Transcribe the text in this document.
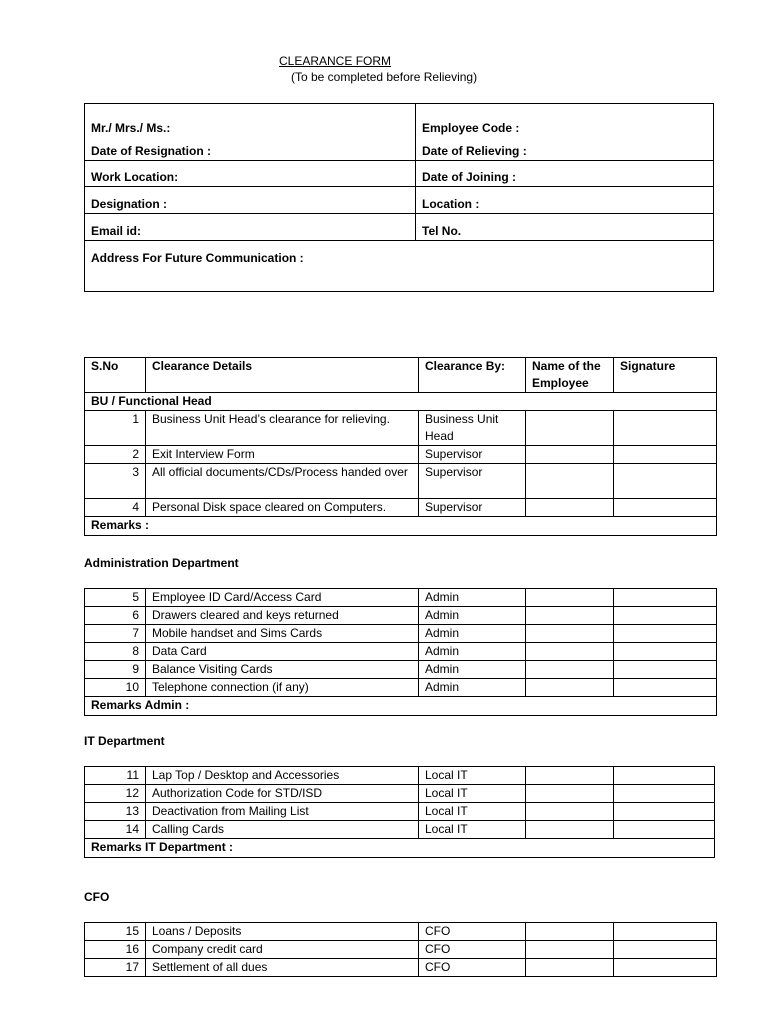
CLEARANCE FORM
(To be completed before Relieving)
Mr./ Mrs./ Ms.:	Employee Code :
Date of Resignation :	Date of Relieving :
Work Location:	Date of Joining :
Designation :	Location :
Email id:	Tel No.
Address For Future Communication :	
S.No	Clearance Details	Clearance By:	Name of the Employee	Signature
BU / Functional Head				
1	Business Unit Head’s clearance for relieving.	Business Unit Head		
2	Exit Interview Form	Supervisor		
3	All official documents/CDs/Process handed over	Supervisor		
4	Personal Disk space cleared on Computers.	Supervisor		
Remarks :				
Administration Department
5	Employee ID Card/Access Card	Admin		
6	Drawers cleared and keys returned	Admin		
7	Mobile handset and Sims Cards	Admin		
8	Data Card	Admin		
9	Balance Visiting Cards	Admin		
10	Telephone connection (if any)	Admin		
Remarks Admin :				
IT Department
11	Lap Top / Desktop and Accessories	Local IT		
12	Authorization Code for STD/ISD	Local IT		
13	Deactivation from Mailing List	Local IT		
14	Calling Cards	Local IT		
Remarks IT Department :				
CFO
15	Loans / Deposits	CFO		
16	Company credit card	CFO		
17	Settlement of all dues	CFO		
